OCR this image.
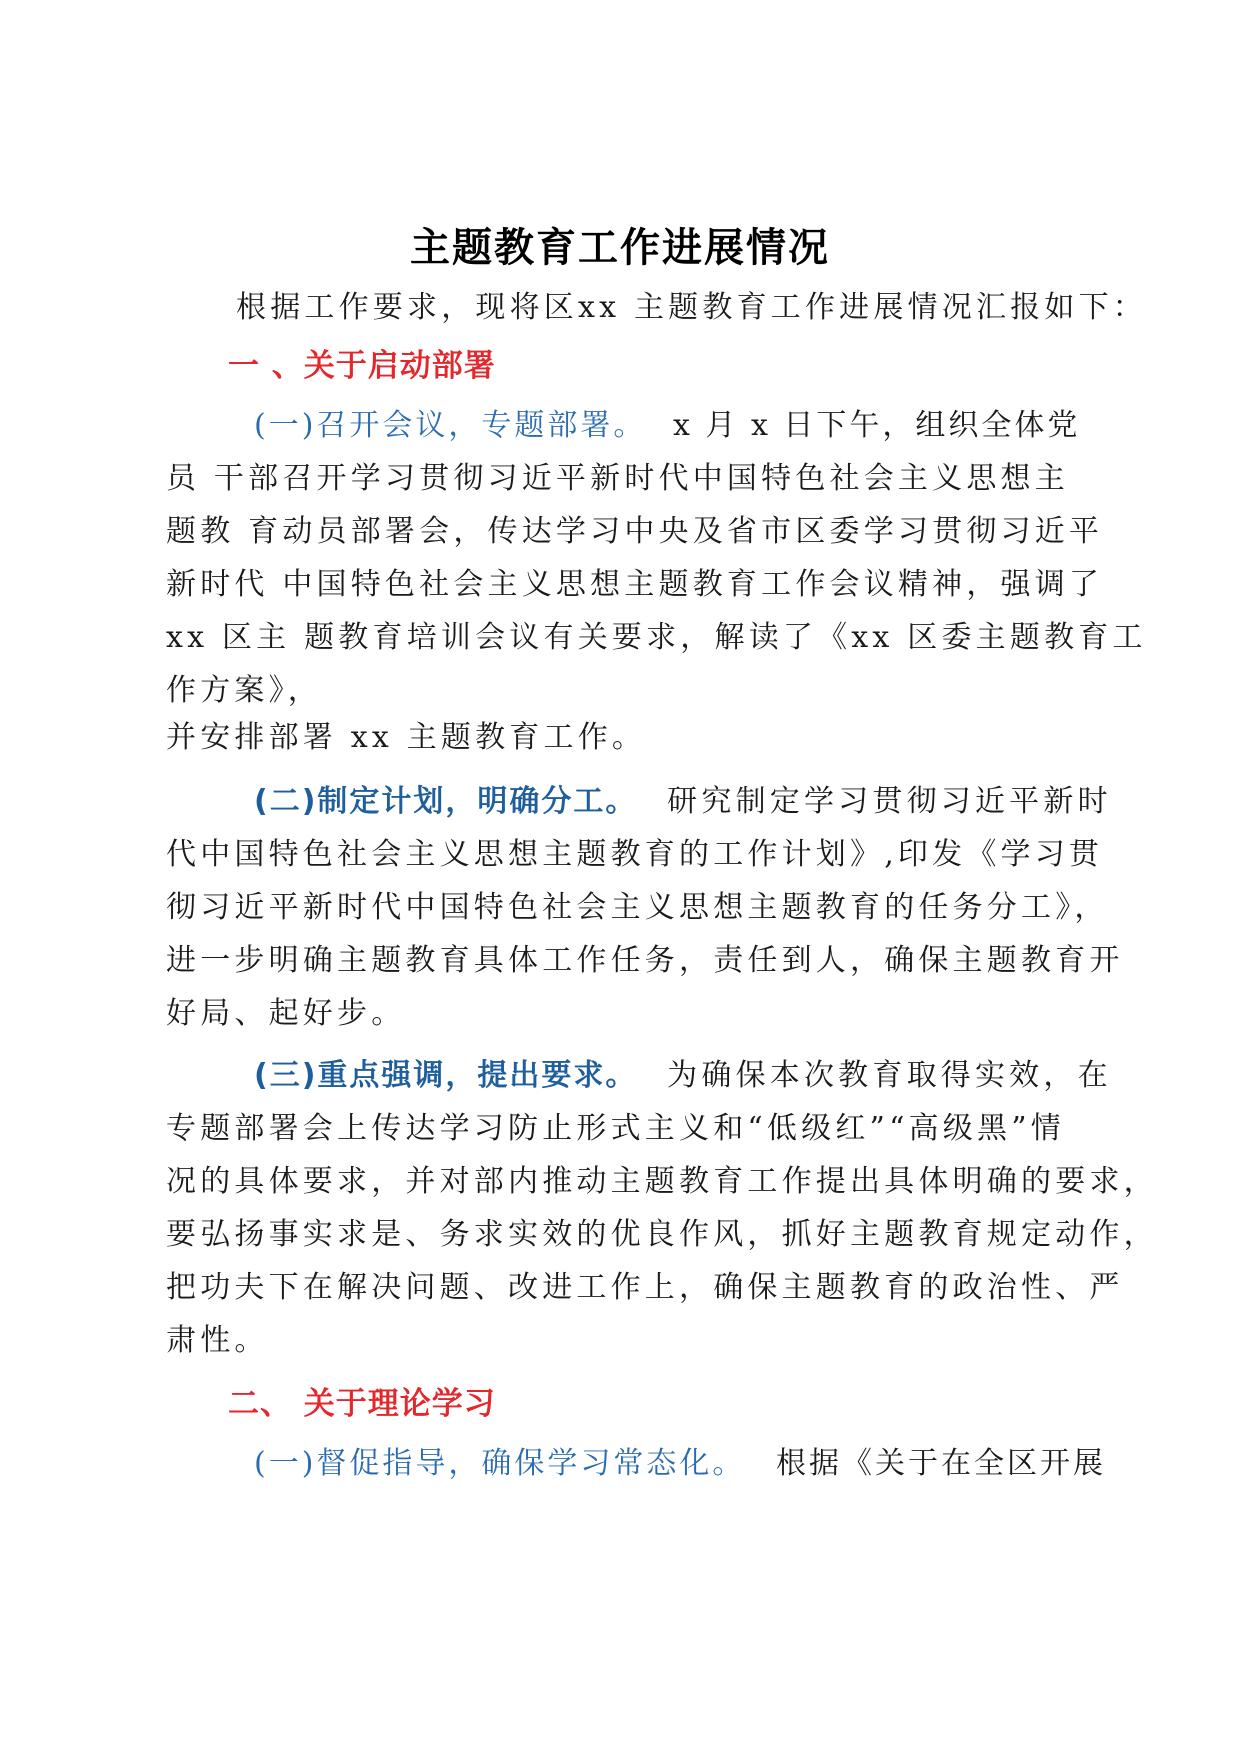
主题教育工作进展情况
根据工作要求，现将区xx 主题教育工作进展情况汇报如下：
一 、关于启动部署
(一)召开会议，专题部署。 x 月 x 日下午，组织全体党
员 干部召开学习贯彻习近平新时代中国特色社会主义思想主
题教 育动员部署会，传达学习中央及省市区委学习贯彻习近平
新时代 中国特色社会主义思想主题教育工作会议精神，强调了
xx 区主 题教育培训会议有关要求，解读了《xx 区委主题教育工
作方案》，
并安排部署 xx 主题教育工作。
(二)制定计划，明确分工。 研究制定学习贯彻习近平新时
代中国特色社会主义思想主题教育的工作计划》,印发《学习贯
彻习近平新时代中国特色社会主义思想主题教育的任务分工》，
进一步明确主题教育具体工作任务，责任到人，确保主题教育开
好局、起好步。
(三)重点强调，提出要求。 为确保本次教育取得实效，在
专题部署会上传达学习防止形式主义和“低级红”“高级黑”情
况的具体要求，并对部内推动主题教育工作提出具体明确的要求，
要弘扬事实求是、务求实效的优良作风，抓好主题教育规定动作，
把功夫下在解决问题、改进工作上，确保主题教育的政治性、严
肃性。
二、 关于理论学习
(一)督促指导，确保学习常态化。 根据《关于在全区开展
